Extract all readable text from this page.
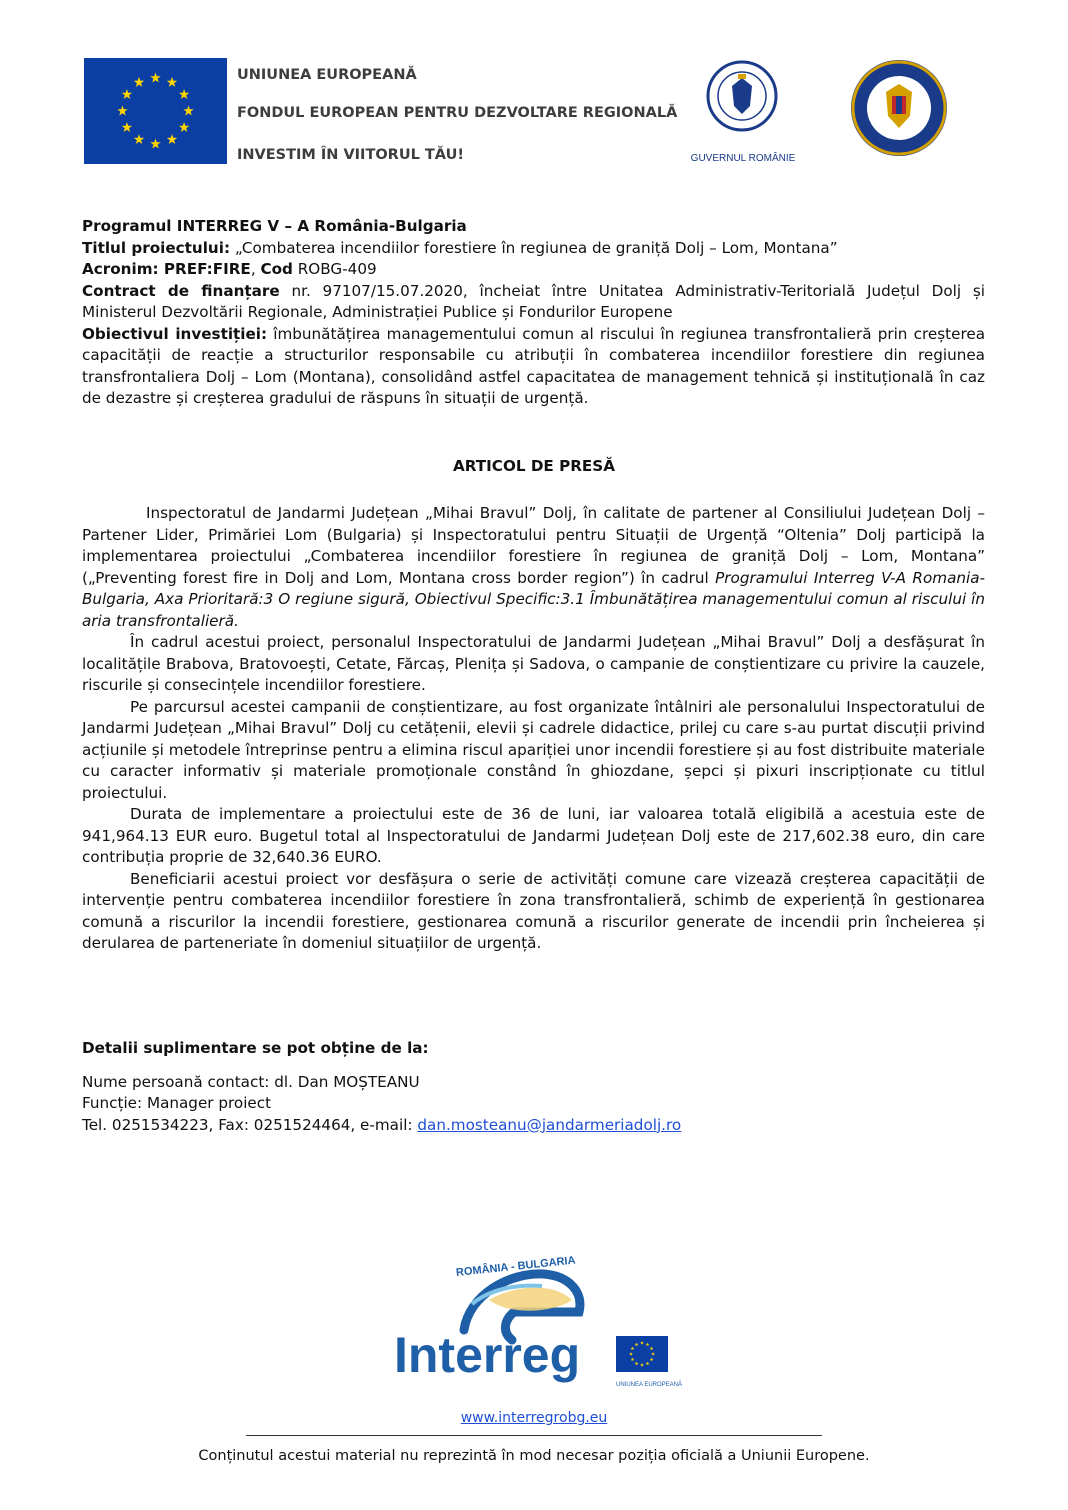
UNIUNEA EUROPEANĂ
FONDUL EUROPEAN PENTRU DEZVOLTARE REGIONALĂ
INVESTIM ÎN VIITORUL TĂU!	GUVERNUL ROMÂNIE

Programul INTERREG V – A România-Bulgaria

Titlul proiectului: „Combaterea incendiilor forestiere în regiunea de graniță Dolj – Lom, Montana”

Acronim: PREF:FIRE, Cod ROBG-409

Contract de finanțare nr. 97107/15.07.2020, încheiat între Unitatea Administrativ-Teritorială Județul Dolj și Ministerul Dezvoltării Regionale, Administrației Publice și Fondurilor Europene

Obiectivul investiției: îmbunătățirea managementului comun al riscului în regiunea transfrontalieră prin creșterea capacității de reacție a structurilor responsabile cu atribuții în combaterea incendiilor forestiere din regiunea transfrontaliera Dolj – Lom (Montana), consolidând astfel capacitatea de management tehnică și instituțională în caz de dezastre și creșterea gradului de răspuns în situații de urgență.

ARTICOL DE PRESĂ

Inspectoratul de Jandarmi Județean „Mihai Bravul” Dolj, în calitate de partener al Consiliului Județean Dolj – Partener Lider, Primăriei Lom (Bulgaria) și Inspectoratului pentru Situații de Urgență “Oltenia” Dolj participă la implementarea proiectului „Combaterea incendiilor forestiere în regiunea de graniță Dolj – Lom, Montana” („Preventing forest fire in Dolj and Lom, Montana cross border region”) în cadrul Programului Interreg V-A Romania-Bulgaria, Axa Prioritară:3 O regiune sigură, Obiectivul Specific:3.1 Îmbunătățirea managementului comun al riscului în aria transfrontalieră.

În cadrul acestui proiect, personalul Inspectoratului de Jandarmi Județean „Mihai Bravul” Dolj a desfășurat în localitățile Brabova, Bratovoești, Cetate, Fărcaș, Plenița și Sadova, o campanie de conștientizare cu privire la cauzele, riscurile și consecințele incendiilor forestiere.

Pe parcursul acestei campanii de conștientizare, au fost organizate întâlniri ale personalului Inspectoratului de Jandarmi Județean „Mihai Bravul” Dolj cu cetățenii, elevii și cadrele didactice, prilej cu care s-au purtat discuții privind acțiunile și metodele întreprinse pentru a elimina riscul apariției unor incendii forestiere și au fost distribuite materiale cu caracter informativ și materiale promoționale constând în ghiozdane, șepci și pixuri inscripționate cu titlul proiectului.

Durata de implementare a proiectului este de 36 de luni, iar valoarea totală eligibilă a acestuia este de 941,964.13 EUR euro. Bugetul total al Inspectoratului de Jandarmi Județean Dolj este de 217,602.38 euro, din care contribuția proprie de 32,640.36 EURO.

Beneficiarii acestui proiect vor desfășura o serie de activități comune care vizează creșterea capacității de intervenție pentru combaterea incendiilor forestiere în zona transfrontalieră, schimb de experiență în gestionarea comună a riscurilor la incendii forestiere, gestionarea comună a riscurilor generate de incendii prin încheierea și derularea de parteneriate în domeniul situațiilor de urgență.

Detalii suplimentare se pot obține de la:

Nume persoană contact: dl. Dan MOȘTEANU

Funcție: Manager proiect

Tel. 0251534223, Fax: 0251524464, e-mail: dan.mosteanu@jandarmeriadolj.ro

ROMÂNIA - BULGARIA
Interreg
UNIUNEA EUROPEANĂ
www.interregrobg.eu
Conținutul acestui material nu reprezintă în mod necesar poziția oficială a Uniunii Europene.
